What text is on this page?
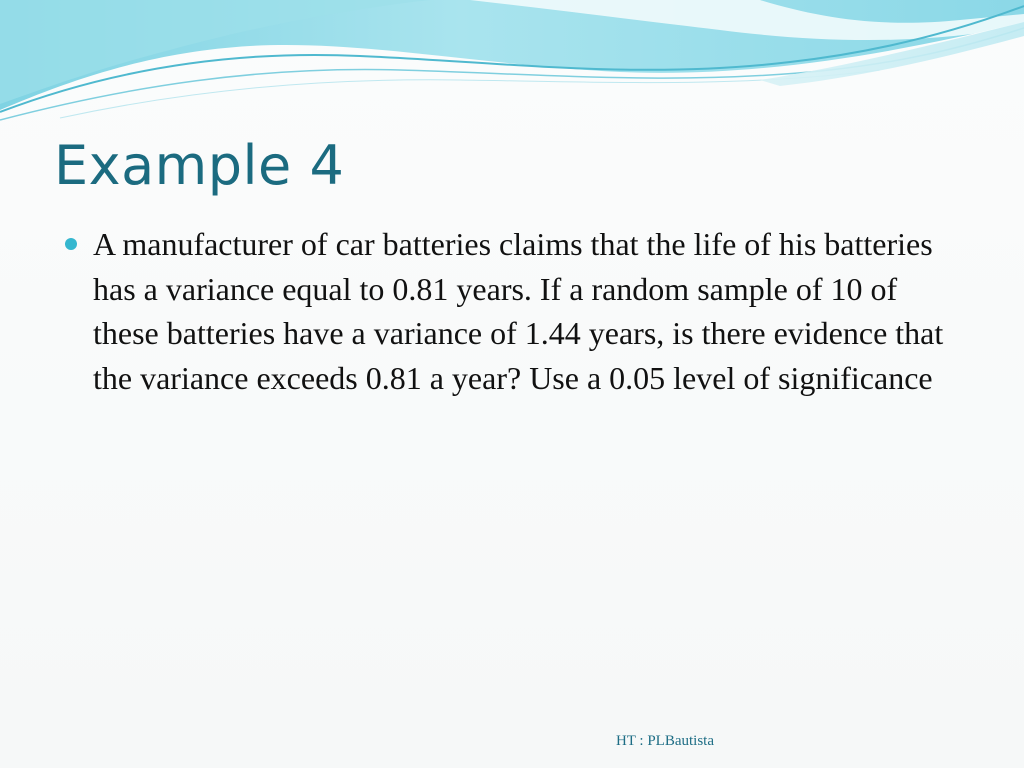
Example 4
A manufacturer of car batteries claims that the life of his batteries has a variance equal to 0.81 years. If a random sample of 10 of these batteries have a variance of 1.44 years, is there evidence that the variance exceeds 0.81 a year? Use a 0.05 level of significance
HT : PLBautista
